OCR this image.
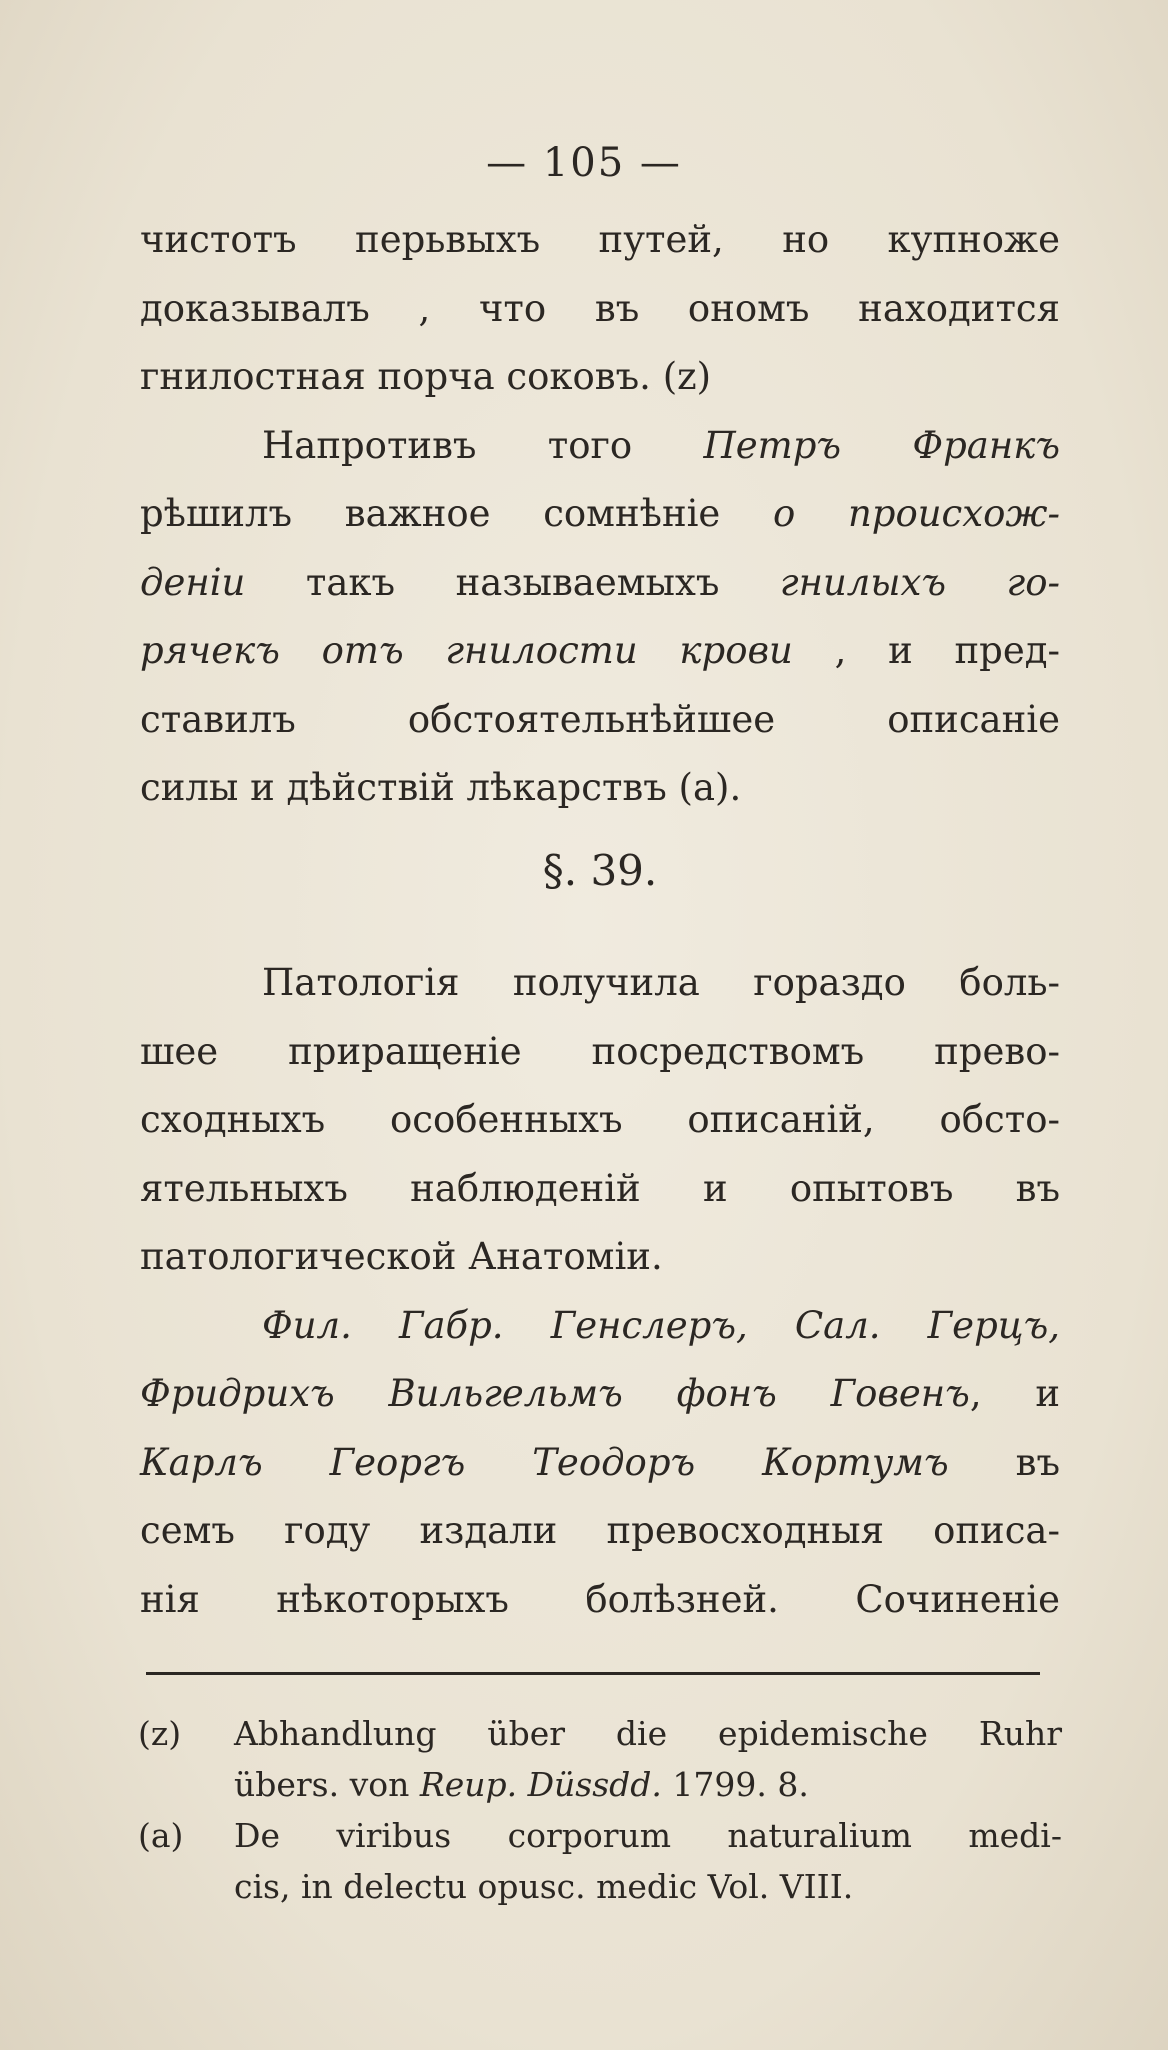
— 105 —

чистотъ перьвыхъ путей, но купноже
доказывалъ , что въ ономъ находится
гнилостная порча соковъ. (z)

Напротивъ того Петръ Франкъ
рѣшилъ важное сомнѣніе о происхож-
деніи такъ называемыхъ гнилыхъ го-
рячекъ отъ гнилости крови , и пред-
ставилъ обстоятельнѣйшее описаніе
силы и дѣйствій лѣкарствъ (a).

§. 39.

Патологія получила гораздо боль-
шее приращеніе посредствомъ прево-
сходныхъ особенныхъ описаній, обсто-
ятельныхъ наблюденій и опытовъ въ
патологической Анатоміи.

Фил. Габр. Генслеръ, Сал. Герцъ,
Фридрихъ Вильгельмъ фонъ Говенъ, и
Карлъ Георгъ Теодоръ Кортумъ въ
семъ году издали превосходныя описа-
нія нѣкоторыхъ болѣзней. Сочиненіе

(z)	Abhandlung über die epidemische Ruhr
übers. von Reup. Düssdd. 1799. 8.
(a)	De viribus corporum naturalium medi-
cis, in delectu opusc. medic Vol. VIII.
